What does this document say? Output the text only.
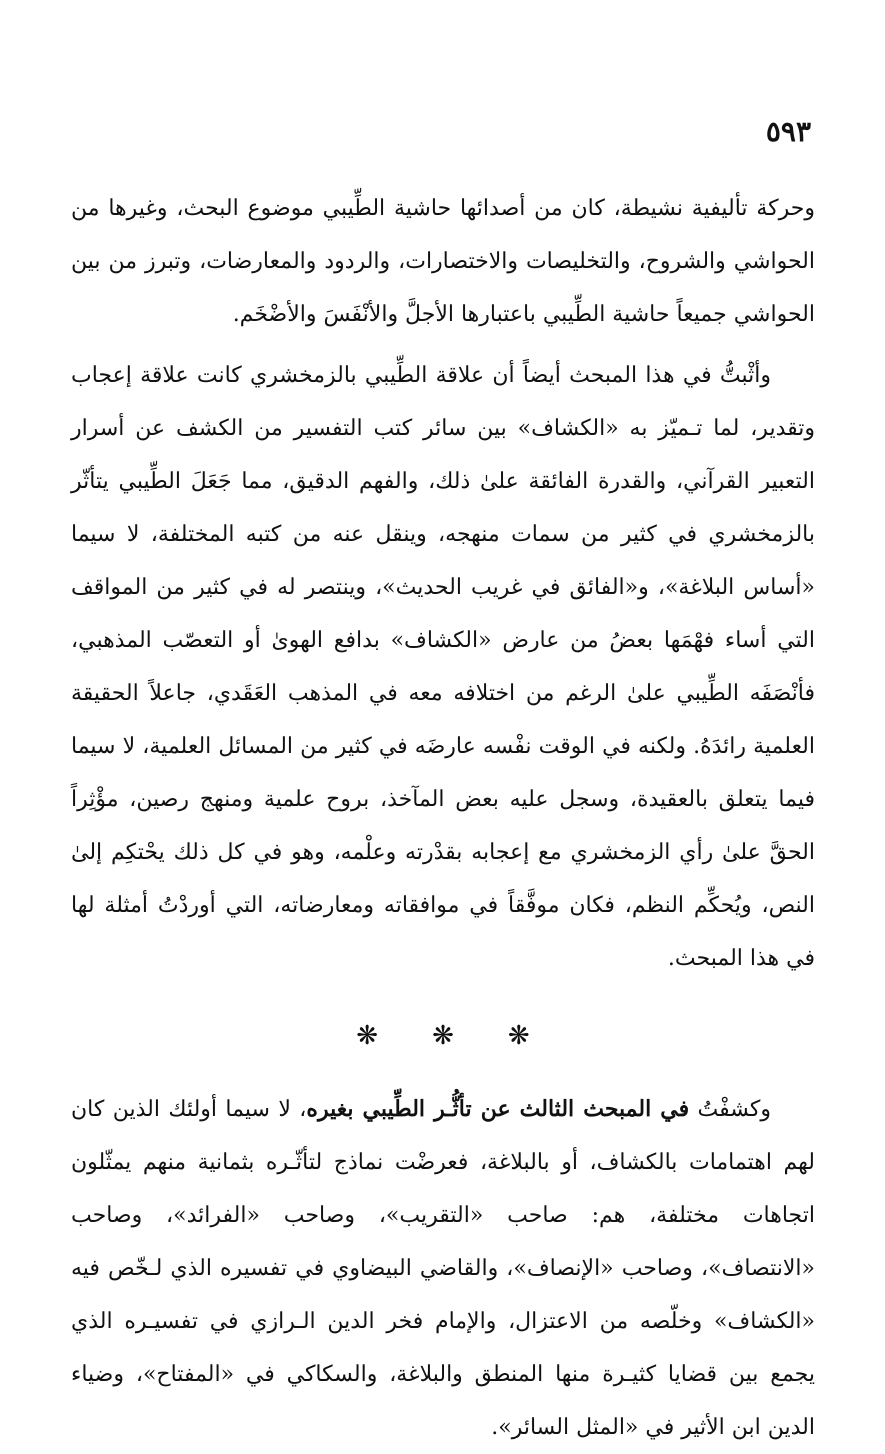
٥٩٣

وحركة تأليفية نشيطة، كان من أصدائها حاشية الطِّيبي موضوع البحث، وغيرها من الحواشي والشروح، والتخليصات والاختصارات، والردود والمعارضات، وتبرز من بين الحواشي جميعاً حاشية الطِّيبي باعتبارها الأجلَّ والأنْفَسَ والأضْخَم.

وأثْبتُّ في هذا المبحث أيضاً أن علاقة الطِّيبي بالزمخشري كانت علاقة إعجاب وتقدير، لما تـميّز به «الكشاف» بين سائر كتب التفسير من الكشف عن أسرار التعبير القرآني، والقدرة الفائقة علىٰ ذلك، والفهم الدقيق، مما جَعَلَ الطِّيبي يتأثّر بالزمخشري في كثير من سمات منهجه، وينقل عنه من كتبه المختلفة، لا سيما «أساس البلاغة»، و«الفائق في غريب الحديث»، وينتصر له في كثير من المواقف التي أساء فهْمَها بعضُ من عارض «الكشاف» بدافع الهوىٰ أو التعصّب المذهبي، فأنْصَفَه الطِّيبي علىٰ الرغم من اختلافه معه في المذهب العَقَدي، جاعلاً الحقيقة العلمية رائدَهُ. ولكنه في الوقت نفْسه عارضَه في كثير من المسائل العلمية، لا سيما فيما يتعلق بالعقيدة، وسجل عليه بعض المآخذ، بروح علمية ومنهج رصين، مؤْثِراً الحقَّ علىٰ رأي الزمخشري مع إعجابه بقدْرته وعلْمه، وهو في كل ذلك يحْتكِم إلىٰ النص، ويُحكِّم النظم، فكان موفَّقاً في موافقاته ومعارضاته، التي أوردْتُ أمثلة لها في هذا المبحث.

❋ ❋ ❋

وكشفْتُ في المبحث الثالث عن تأثُّـر الطِّيبي بغيره، لا سيما أولئك الذين كان لهم اهتمامات بالكشاف، أو بالبلاغة، فعرضْت نماذج لتأثّـره بثمانية منهم يمثّلون اتجاهات مختلفة، هم: صاحب «التقريب»، وصاحب «الفرائد»، وصاحب «الانتصاف»، وصاحب «الإنصاف»، والقاضي البيضاوي في تفسيره الذي لـخّص فيه «الكشاف» وخلّصه من الاعتزال، والإمام فخر الدين الـرازي في تفسيـره الذي يجمع بين قضايا كثيـرة منها المنطق والبلاغة، والسكاكي في «المفتاح»، وضياء الدين ابن الأثير في «المثل السائر».
